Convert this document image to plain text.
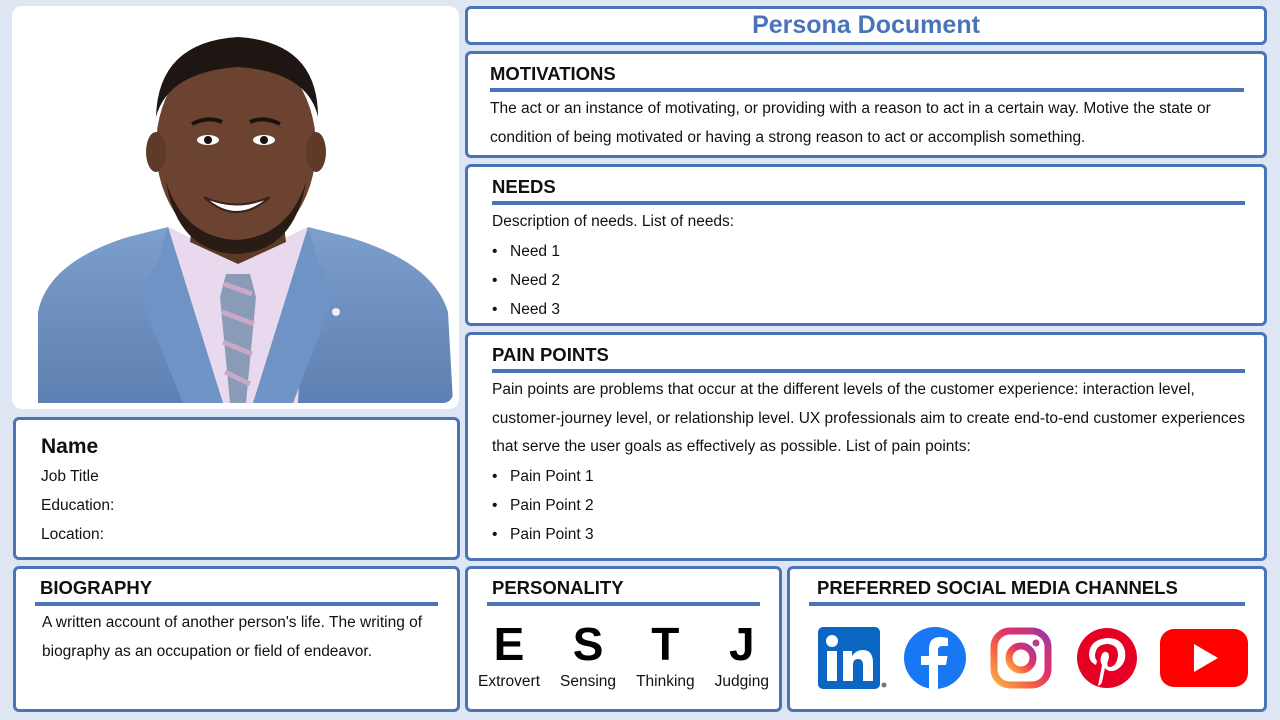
Persona Document
MOTIVATIONS
The act or an instance of motivating, or providing with a reason to act in a certain way. Motive the state or condition of being motivated or having a strong reason to act or accomplish something.
NEEDS
Description of needs. List of needs:
• Need 1
• Need 2
• Need 3
PAIN POINTS
Pain points are problems that occur at the different levels of the customer experience: interaction level, customer-journey level, or relationship level. UX professionals aim to create end-to-end customer experiences that serve the user goals as effectively as possible. List of pain points:
• Pain Point 1
• Pain Point 2
• Pain Point 3
Name
Job Title
Education:
Location:
BIOGRAPHY
A written account of another person's life. The writing of biography as an occupation or field of endeavor.
PERSONALITY
E
Extrovert
S
Sensing
T
Thinking
J
Judging
PREFERRED SOCIAL MEDIA CHANNELS
